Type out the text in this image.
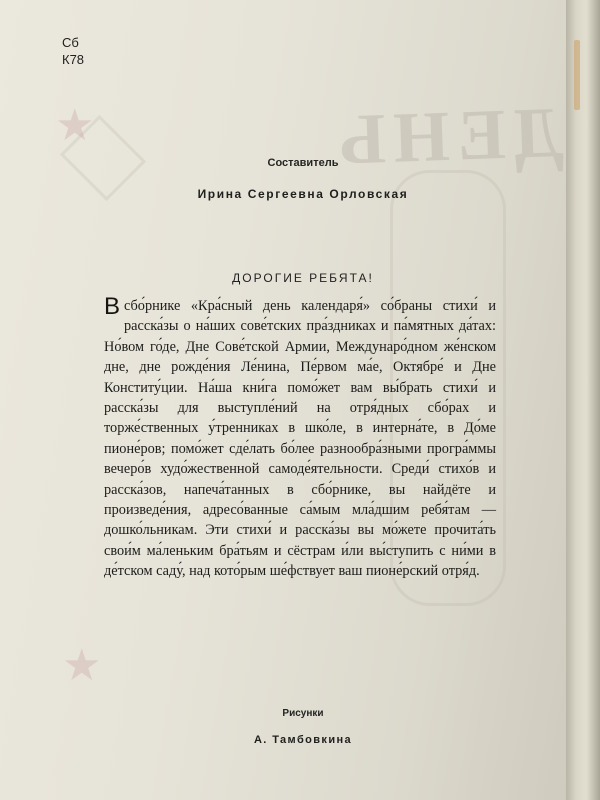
ДЕНЬ
★
★
Сб
К78
Составитель
Ирина Сергеевна Орловская
ДОРОГИЕ РЕБЯТА!

В сбо́рнике «Кра́сный день календаря́» со́браны стихи́ и расска́зы о на́ших сове́тских пра́здниках и па́мятных да́тах: Но́вом го́де, Дне Сове́тской Армии, Междунаро́дном же́нском дне, дне рожде́ния Ле́нина, Пе́рвом ма́е, Октябре́ и Дне Конститу́ции. На́ша кни́га помо́жет вам вы́брать стихи́ и расска́зы для выступле́ний на отря́дных сбо́рах и торже́ственных у́тренниках в шко́ле, в интерна́те, в До́ме пионе́ров; помо́жет сде́лать бо́лее разнообра́зными програ́ммы вечеро́в худо́жественной самоде́ятельности. Среди́ стихо́в и расска́зов, напеча́танных в сбо́рнике, вы найдёте и произведе́ния, адресо́ванные са́мым мла́дшим ребя́там — дошко́льникам. Эти стихи́ и расска́зы вы мо́жете прочита́ть свои́м ма́леньким бра́тьям и сёстрам и́ли вы́ступить с ни́ми в де́тском саду́, над кото́рым ше́фствует ваш пионе́рский отря́д.

Рисунки
А. Тамбовкина
